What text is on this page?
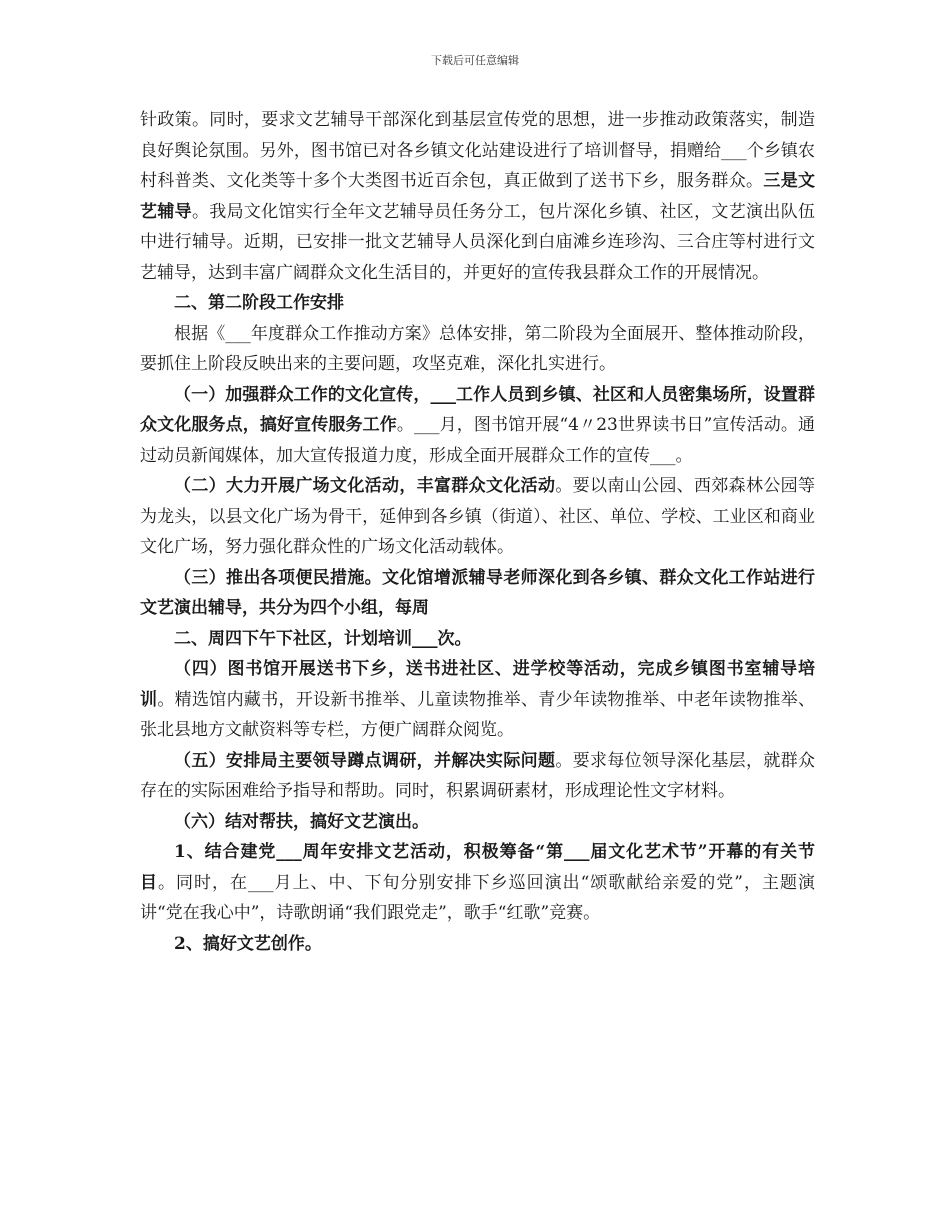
下载后可任意编辑

针政策。同时，要求文艺辅导干部深化到基层宣传党的思想，进一步推动政策落实，制造良好舆论氛围。另外，图书馆已对各乡镇文化站建设进行了培训督导，捐赠给___个乡镇农村科普类、文化类等十多个大类图书近百余包，真正做到了送书下乡，服务群众。三是文艺辅导。我局文化馆实行全年文艺辅导员任务分工，包片深化乡镇、社区，文艺演出队伍中进行辅导。近期，已安排一批文艺辅导人员深化到白庙滩乡连珍沟、三合庄等村进行文艺辅导，达到丰富广阔群众文化生活目的，并更好的宣传我县群众工作的开展情况。

二、第二阶段工作安排

根据《___年度群众工作推动方案》总体安排，第二阶段为全面展开、整体推动阶段，要抓住上阶段反映出来的主要问题，攻坚克难，深化扎实进行。

（一）加强群众工作的文化宣传，___工作人员到乡镇、社区和人员密集场所，设置群众文化服务点，搞好宣传服务工作。___月，图书馆开展“4〃23世界读书日”宣传活动。通过动员新闻媒体，加大宣传报道力度，形成全面开展群众工作的宣传___。

（二）大力开展广场文化活动，丰富群众文化活动。要以南山公园、西郊森林公园等为龙头，以县文化广场为骨干，延伸到各乡镇（街道）、社区、单位、学校、工业区和商业文化广场，努力强化群众性的广场文化活动载体。

（三）推出各项便民措施。文化馆增派辅导老师深化到各乡镇、群众文化工作站进行文艺演出辅导，共分为四个小组，每周

二、周四下午下社区，计划培训___次。

（四）图书馆开展送书下乡，送书进社区、进学校等活动，完成乡镇图书室辅导培训。精选馆内藏书，开设新书推举、儿童读物推举、青少年读物推举、中老年读物推举、张北县地方文献资料等专栏，方便广阔群众阅览。

（五）安排局主要领导蹲点调研，并解决实际问题。要求每位领导深化基层，就群众存在的实际困难给予指导和帮助。同时，积累调研素材，形成理论性文字材料。

（六）结对帮扶，搞好文艺演出。

1、结合建党___周年安排文艺活动，积极筹备“第___届文化艺术节”开幕的有关节目。同时，在___月上、中、下旬分别安排下乡巡回演出“颂歌献给亲爱的党”，主题演讲“党在我心中”，诗歌朗诵“我们跟党走”，歌手“红歌”竞赛。

2、搞好文艺创作。
